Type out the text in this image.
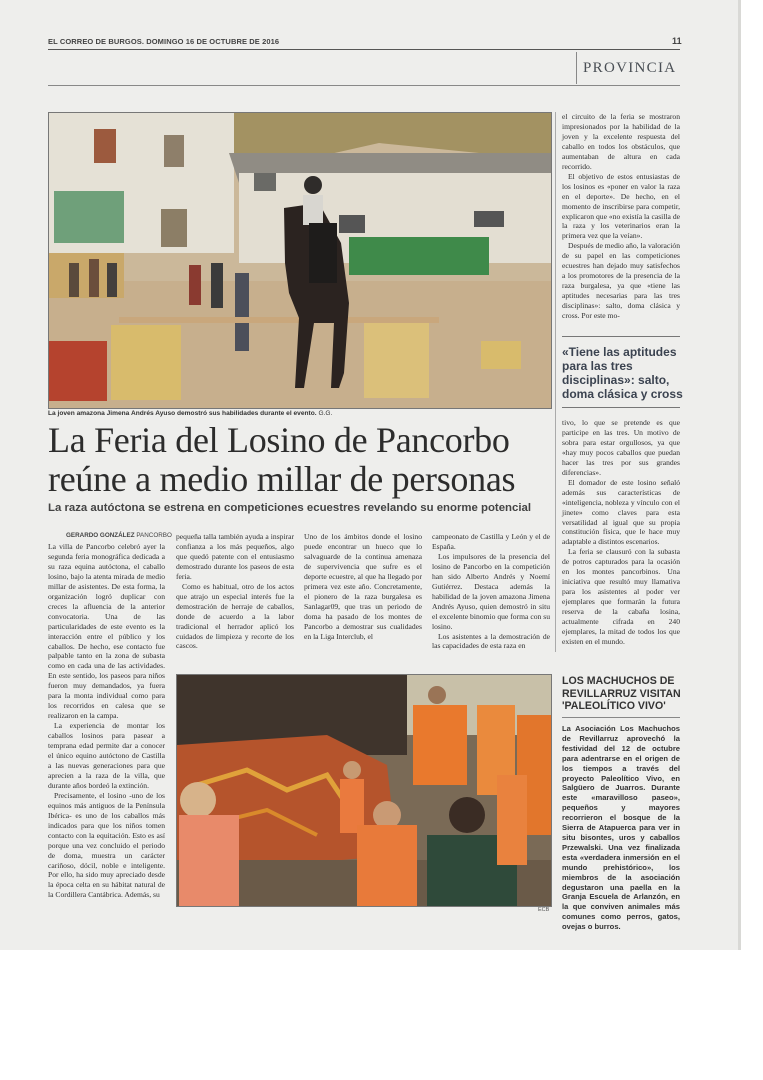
EL CORREO DE BURGOS. DOMINGO 16 DE OCTUBRE DE 2016	11
PROVINCIA
La joven amazona Jimena Andrés Ayuso demostró sus habilidades durante el evento. G.G.

el circuito de la feria se mostraron impresionados por la habilidad de la joven y la excelente respuesta del caballo en todos los obstáculos, que aumentaban de altura en cada recorrido.

El objetivo de estos entusiastas de los losinos es «poner en valor la raza en el deporte». De hecho, en el momento de inscribirse para competir, explicaron que «no existía la casilla de la raza y los veterinarios eran la primera vez que la veían».

Después de medio año, la valoración de su papel en las competiciones ecuestres han dejado muy satisfechos a los promotores de la presencia de la raza burgalesa, ya que «tiene las aptitudes necesarias para las tres disciplinas»: salto, doma clásica y cross. Por este mo-

«Tiene las aptitudes para las tres disciplinas»: salto, doma clásica y cross
La Feria del Losino de Pancorbo
reúne a medio millar de personas
La raza autóctona se estrena en competiciones ecuestres revelando su enorme potencial

tivo, lo que se pretende es que participe en las tres. Un motivo de sobra para estar orgullosos, ya que «hay muy pocos caballos que puedan hacer las tres por sus grandes diferencias».

El domador de este losino señaló además sus características de «inteligencia, nobleza y vínculo con el jinete» como claves para esta versatilidad al igual que su propia constitución física, que le hace muy adaptable a distintos escenarios.

La feria se clausuró con la subasta de potros capturados para la ocasión en los montes pancorbinos. Una iniciativa que resultó muy llamativa para los asistentes al poder ver ejemplares que formarán la futura reserva de la cabaña losina, actualmente cifrada en 240 ejemplares, la mitad de todos los que existen en el mundo.

GERARDO GONZÁLEZ PANCORBO

La villa de Pancorbo celebró ayer la segunda feria monográfica dedicada a su raza equina autóctona, el caballo losino, bajo la atenta mirada de medio millar de asistentes. De esta forma, la organización logró duplicar con creces la afluencia de la anterior convocatoria. Una de las particularidades de este evento es la interacción entre el público y los caballos. De hecho, ese contacto fue palpable tanto en la zona de subasta como en cada una de las actividades. En este sentido, los paseos para niños fueron muy demandados, ya fuera para la monta individual como para los recorridos en calesa que se realizaron en la campa.

La experiencia de montar los caballos losinos para pasear a temprana edad permite dar a conocer el único equino autóctono de Castilla a las nuevas generaciones para que aprecien a la raza de la villa, que durante años bordeó la extinción.

Precisamente, el losino -uno de los equinos más antiguos de la Península Ibérica- es uno de los caballos más indicados para que los niños tomen contacto con la equitación. Esto es así porque una vez concluido el periodo de doma, muestra un carácter cariñoso, dócil, noble e inteligente. Por ello, ha sido muy apreciado desde la época celta en su hábitat natural de la Cordillera Cantábrica. Además, su

pequeña talla también ayuda a inspirar confianza a los más pequeños, algo que quedó patente con el entusiasmo demostrado durante los paseos de esta feria.

Como es habitual, otro de los actos que atrajo un especial interés fue la demostración de herraje de caballos, donde de acuerdo a la labor tradicional el herrador aplicó los cuidados de limpieza y recorte de los cascos.

Uno de los ámbitos donde el losino puede encontrar un hueco que lo salvaguarde de la continua amenaza de supervivencia que sufre es el deporte ecuestre, al que ha llegado por primera vez este año. Concretamente, el pionero de la raza burgalesa es Sanlagar09, que tras un periodo de doma ha pasado de los montes de Pancorbo a demostrar sus cualidades en la Liga Interclub, el

campeonato de Castilla y León y el de España.

Los impulsores de la presencia del losino de Pancorbo en la competición han sido Alberto Andrés y Noemí Gutiérrez. Destaca además la habilidad de la joven amazona Jimena Andrés Ayuso, quien demostró in situ el excelente binomio que forma con su losino.

Los asistentes a la demostración de las capacidades de esta raza en

ECB
LOS MACHUCHOS DE REVILLARRUZ VISITAN 'PALEOLÍTICO VIVO'
La Asociación Los Machuchos de Revillarruz aprovechó la festividad del 12 de octubre para adentrarse en el origen de los tiempos a través del proyecto Paleolítico Vivo, en Salgüero de Juarros. Durante este «maravilloso paseo», pequeños y mayores recorrieron el bosque de la Sierra de Atapuerca para ver in situ bisontes, uros y caballos Przewalski. Una vez finalizada esta «verdadera inmersión en el mundo prehistórico», los miembros de la asociación degustaron una paella en la Granja Escuela de Arlanzón, en la que conviven animales más comunes como perros, gatos, ovejas o burros.
